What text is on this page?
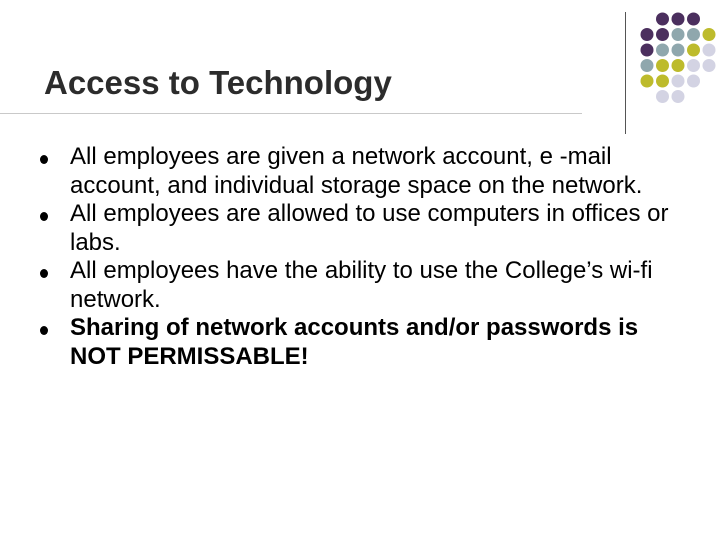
Access to Technology
All employees are given a network account, e -mail account, and individual storage space on the network.
All employees are allowed to use computers in offices or labs.
All employees have the ability to use the College’s wi-fi network.
Sharing of network accounts and/or passwords is NOT PERMISSABLE!
